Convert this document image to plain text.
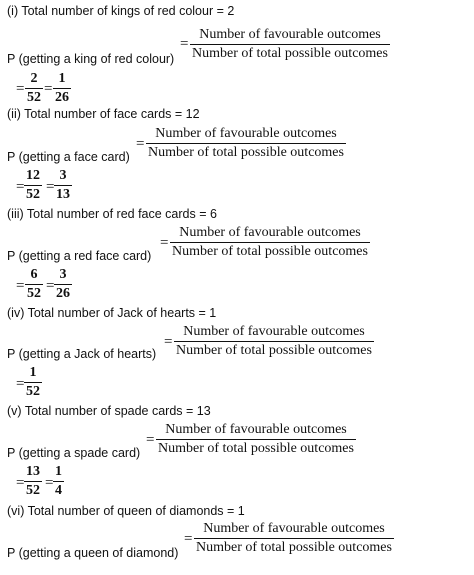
(i) Total number of kings of red colour = 2
=
Number of favourable outcomes
Number of total possible outcomes
P (getting a king of red colour)
=
2
52
=
1
26
(ii) Total number of face cards = 12
=
Number of favourable outcomes
Number of total possible outcomes
P (getting a face card)
=
12
52 =
3
13
(iii) Total number of red face cards = 6
=
Number of favourable outcomes
Number of total possible outcomes
P (getting a red face card)
=
6
52 =
3
26
(iv) Total number of Jack of hearts = 1
=
Number of favourable outcomes
Number of total possible outcomes
P (getting a Jack of hearts)
=
1
52
(v) Total number of spade cards = 13
=
Number of favourable outcomes
Number of total possible outcomes
P (getting a spade card)
=
13
52 =
1
4
(vi) Total number of queen of diamonds = 1
=
Number of favourable outcomes
Number of total possible outcomes
P (getting a queen of diamond)
